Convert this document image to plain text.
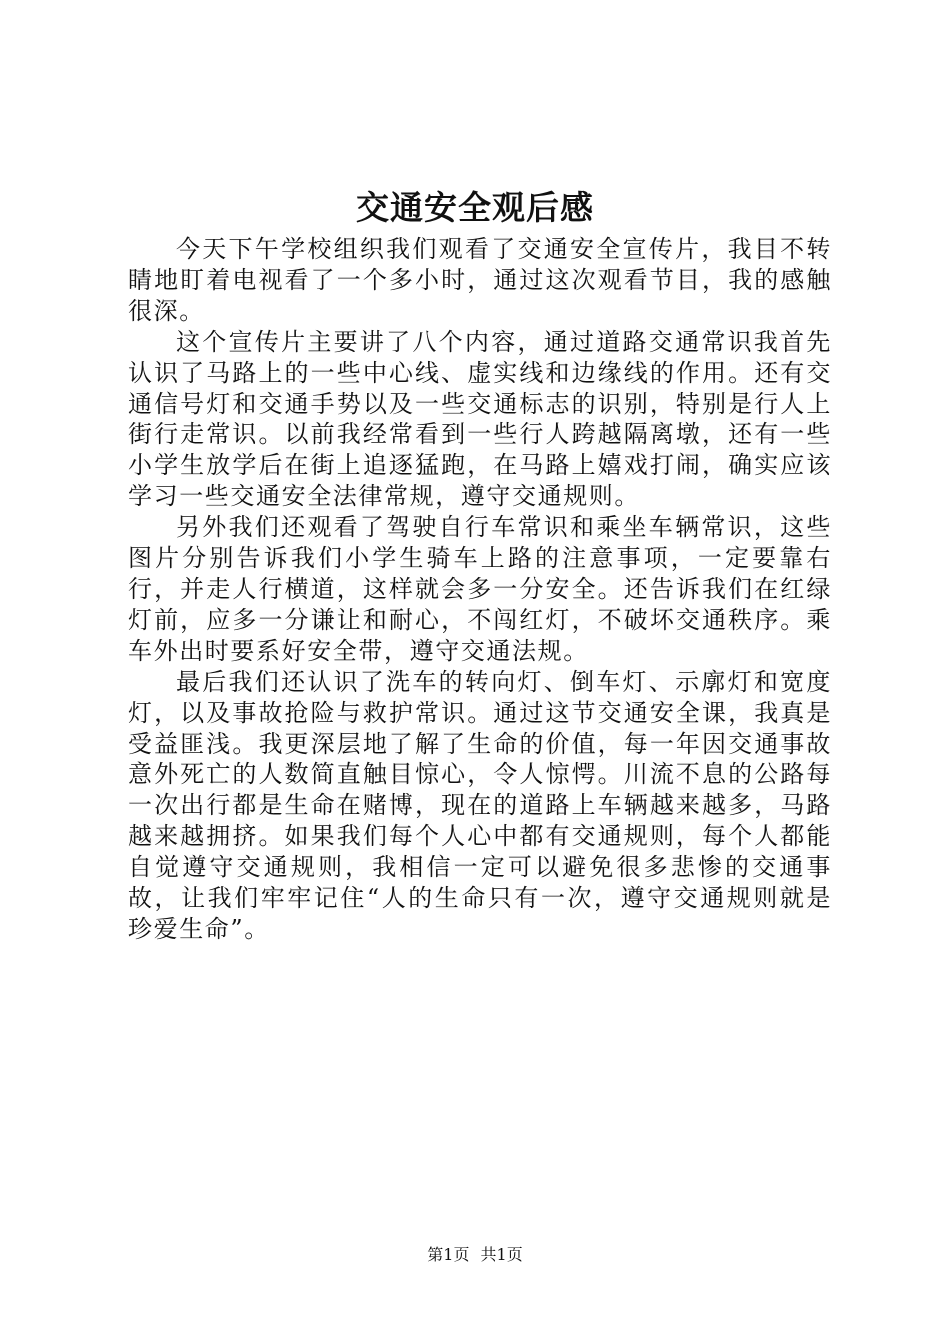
交通安全观后感

今天下午学校组织我们观看了交通安全宣传片，我目不转睛地盯着电视看了一个多小时，通过这次观看节目，我的感触很深。

这个宣传片主要讲了八个内容，通过道路交通常识我首先认识了马路上的一些中心线、虚实线和边缘线的作用。还有交通信号灯和交通手势以及一些交通标志的识别，特别是行人上街行走常识。以前我经常看到一些行人跨越隔离墩，还有一些小学生放学后在街上追逐猛跑，在马路上嬉戏打闹，确实应该学习一些交通安全法律常规，遵守交通规则。

另外我们还观看了驾驶自行车常识和乘坐车辆常识，这些图片分别告诉我们小学生骑车上路的注意事项，一定要靠右行，并走人行横道，这样就会多一分安全。还告诉我们在红绿灯前，应多一分谦让和耐心，不闯红灯，不破坏交通秩序。乘车外出时要系好安全带，遵守交通法规。

最后我们还认识了洗车的转向灯、倒车灯、示廓灯和宽度灯，以及事故抢险与救护常识。通过这节交通安全课，我真是受益匪浅。我更深层地了解了生命的价值，每一年因交通事故意外死亡的人数简直触目惊心，令人惊愕。川流不息的公路每一次出行都是生命在赌博，现在的道路上车辆越来越多，马路越来越拥挤。如果我们每个人心中都有交通规则，每个人都能自觉遵守交通规则，我相信一定可以避免很多悲惨的交通事故，让我们牢牢记住“人的生命只有一次，遵守交通规则就是珍爱生命”。

第1页 共1页
